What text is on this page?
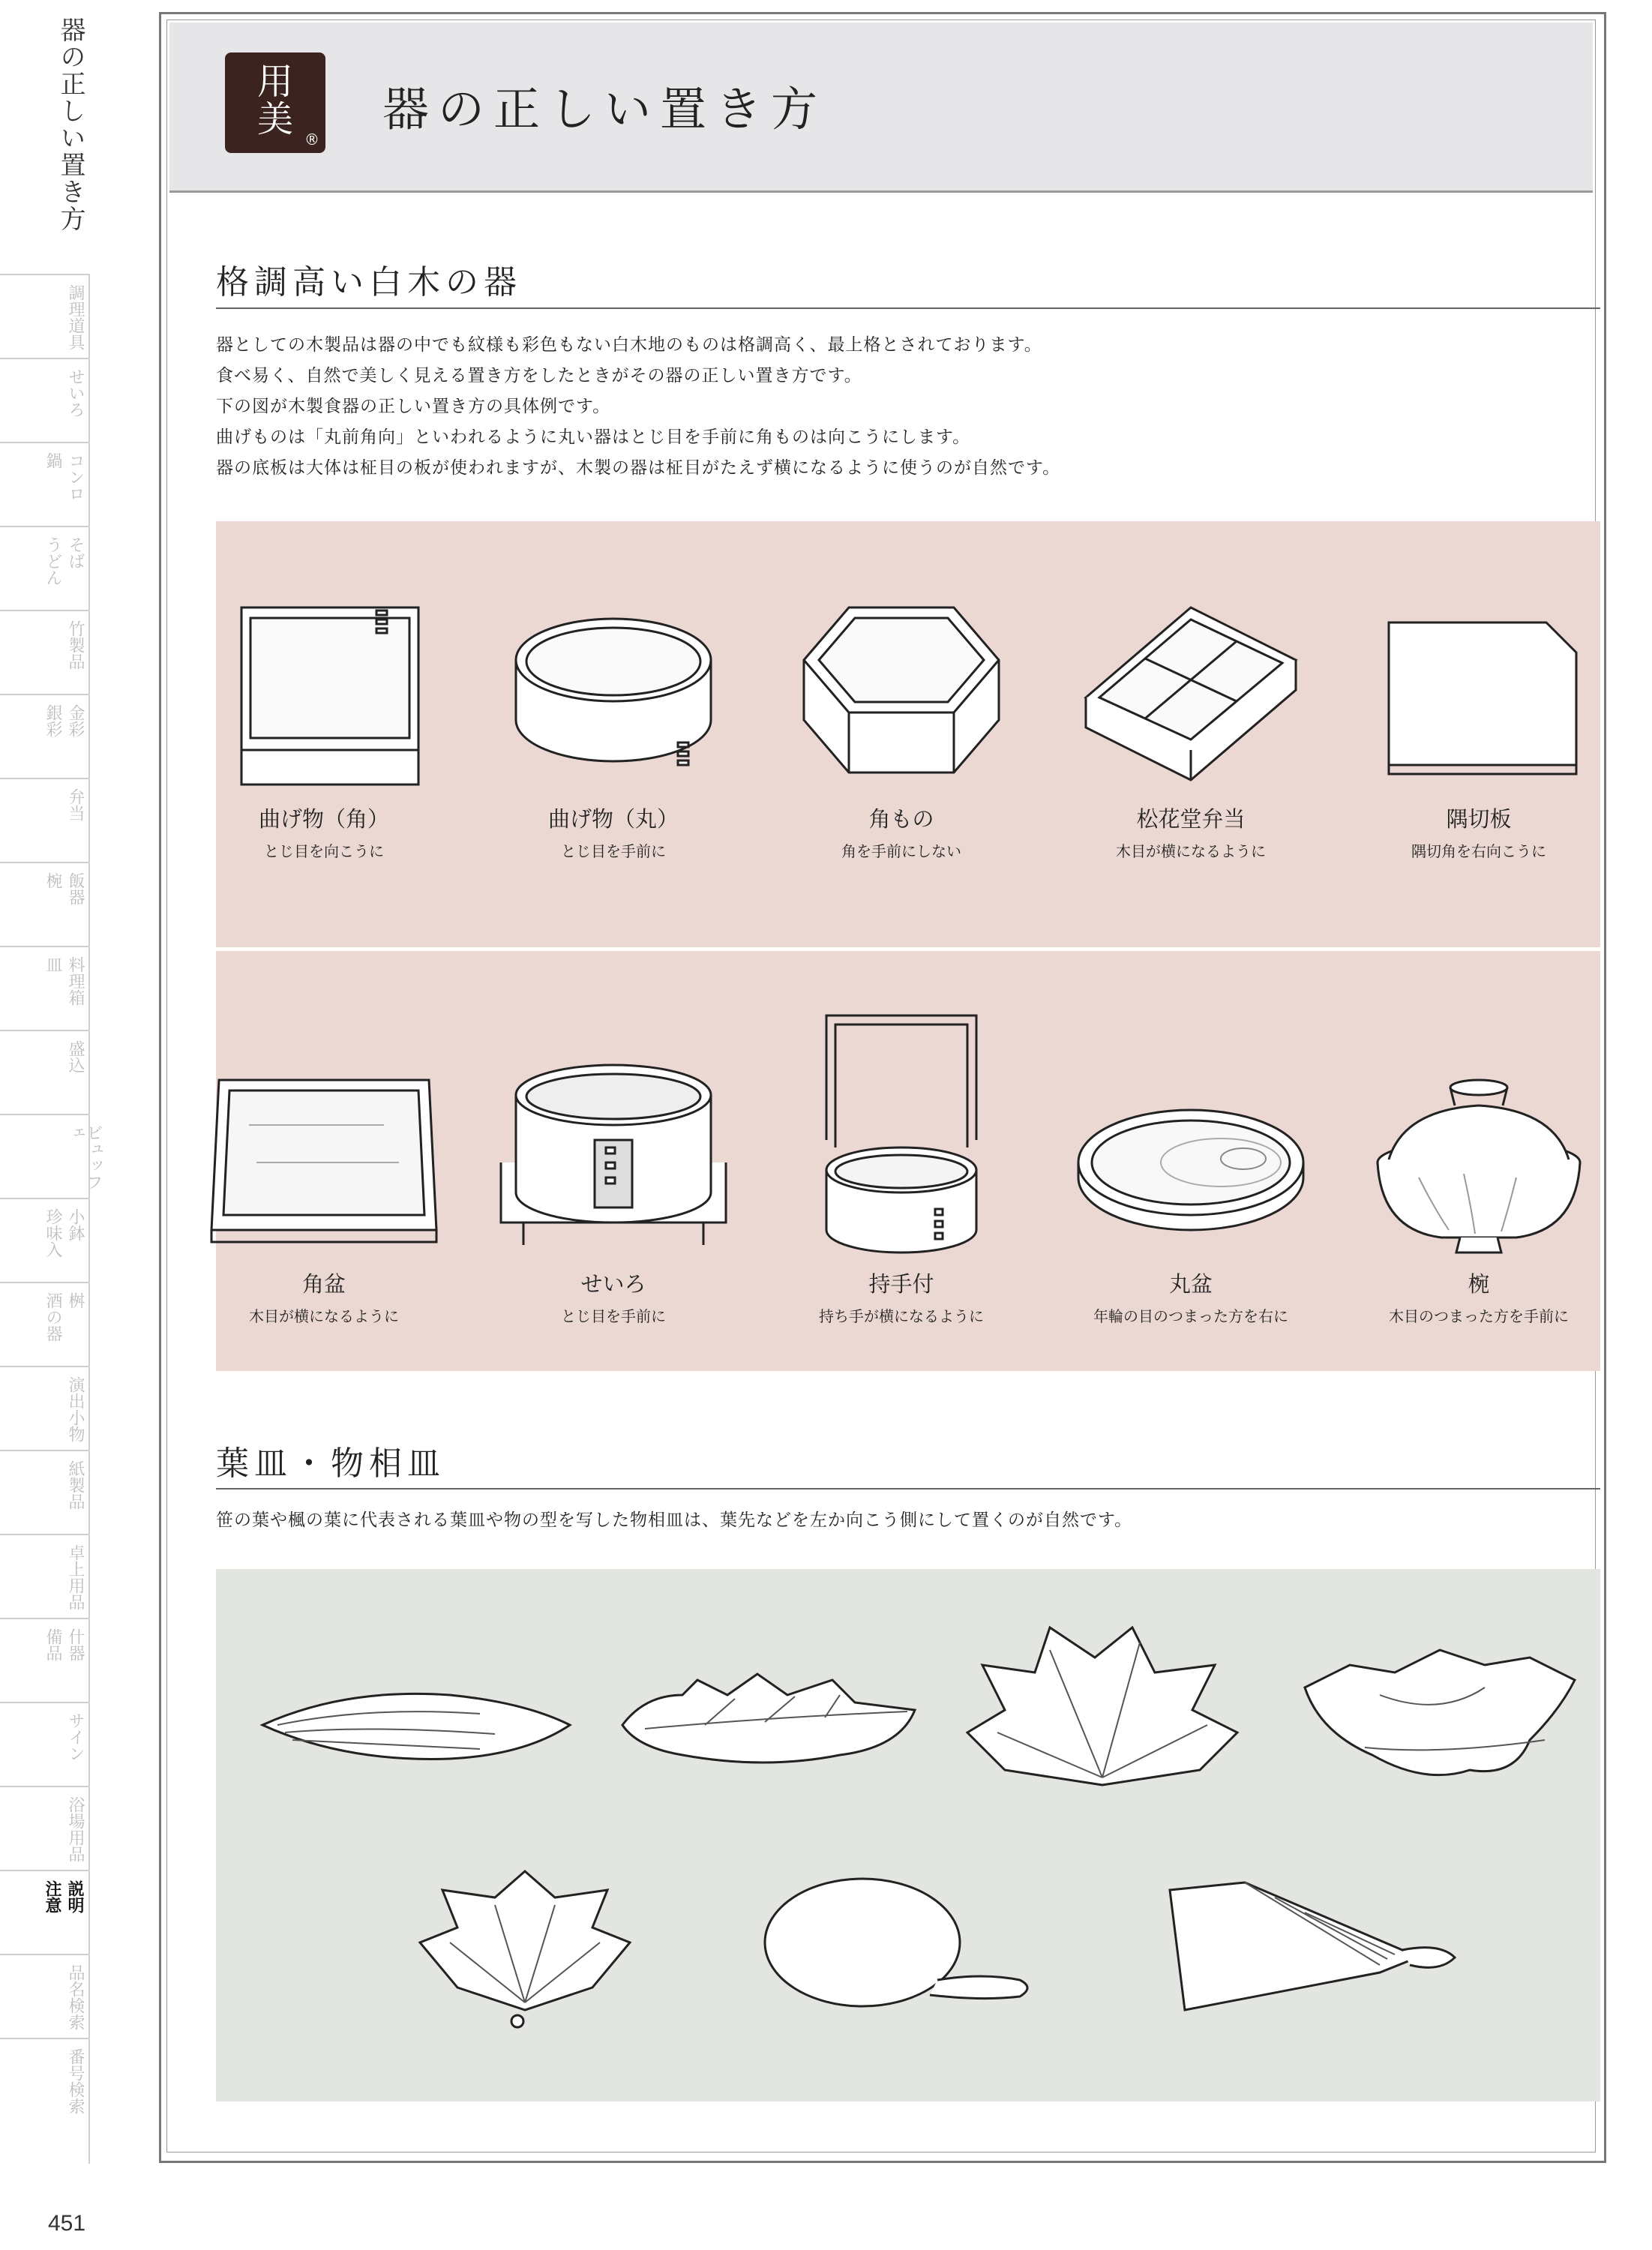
器の正しい置き方
調理道具
せいろ
コンロ
鍋
そば
うどん
竹製品
金彩
銀彩
弁当
飯器
椀
料理箱
皿
盛込
ビュッフェ
小鉢
珍味入
桝
酒の器
演出小物
紙製品
卓上用品
什器
備品
サイン
浴場用品
説明
注意
品名検索
番号検索
451
用
美 ®
器の正しい置き方
格調高い白木の器
器としての木製品は器の中でも紋様も彩色もない白木地のものは格調高く、最上格とされております。
食べ易く、自然で美しく見える置き方をしたときがその器の正しい置き方です。
下の図が木製食器の正しい置き方の具体例です。
曲げものは「丸前角向」といわれるように丸い器はとじ目を手前に角ものは向こうにします。
器の底板は大体は柾目の板が使われますが、木製の器は柾目がたえず横になるように使うのが自然です。
曲げ物（角）
とじ目を向こうに
曲げ物（丸）
とじ目を手前に
角もの
角を手前にしない
松花堂弁当
木目が横になるように
隅切板
隅切角を右向こうに
角盆
木目が横になるように
せいろ
とじ目を手前に
持手付
持ち手が横になるように
丸盆
年輪の目のつまった方を右に
椀
木目のつまった方を手前に
葉皿・物相皿
笹の葉や楓の葉に代表される葉皿や物の型を写した物相皿は、葉先などを左か向こう側にして置くのが自然です。
